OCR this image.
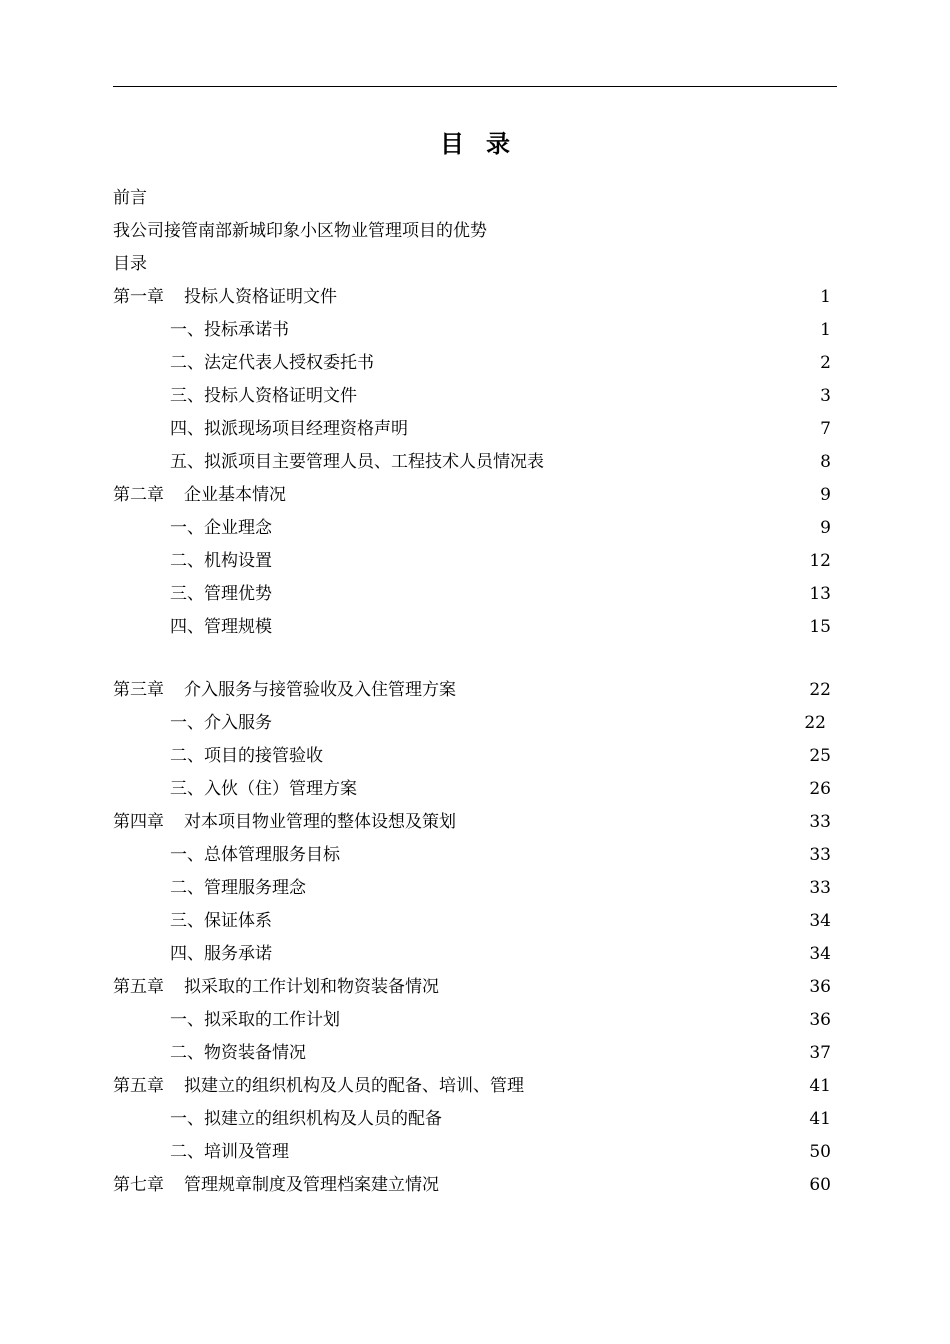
目录
前言
我公司接管南部新城印象小区物业管理项目的优势
目录
第一章 投标人资格证明文件	1
一、投标承诺书	1
二、法定代表人授权委托书	2
三、投标人资格证明文件	3
四、拟派现场项目经理资格声明	7
五、拟派项目主要管理人员、工程技术人员情况表	8
第二章 企业基本情况	9
一、企业理念	9
二、机构设置	12
三、管理优势	13
四、管理规模	15
第三章 介入服务与接管验收及入住管理方案	22
一、介入服务	22
二、项目的接管验收	25
三、入伙（住）管理方案	26
第四章 对本项目物业管理的整体设想及策划	33
一、总体管理服务目标	33
二、管理服务理念	33
三、保证体系	34
四、服务承诺	34
第五章 拟采取的工作计划和物资装备情况	36
一、拟采取的工作计划	36
二、物资装备情况	37
第五章 拟建立的组织机构及人员的配备、培训、管理	41
一、拟建立的组织机构及人员的配备	41
二、培训及管理	50
第七章 管理规章制度及管理档案建立情况	60
